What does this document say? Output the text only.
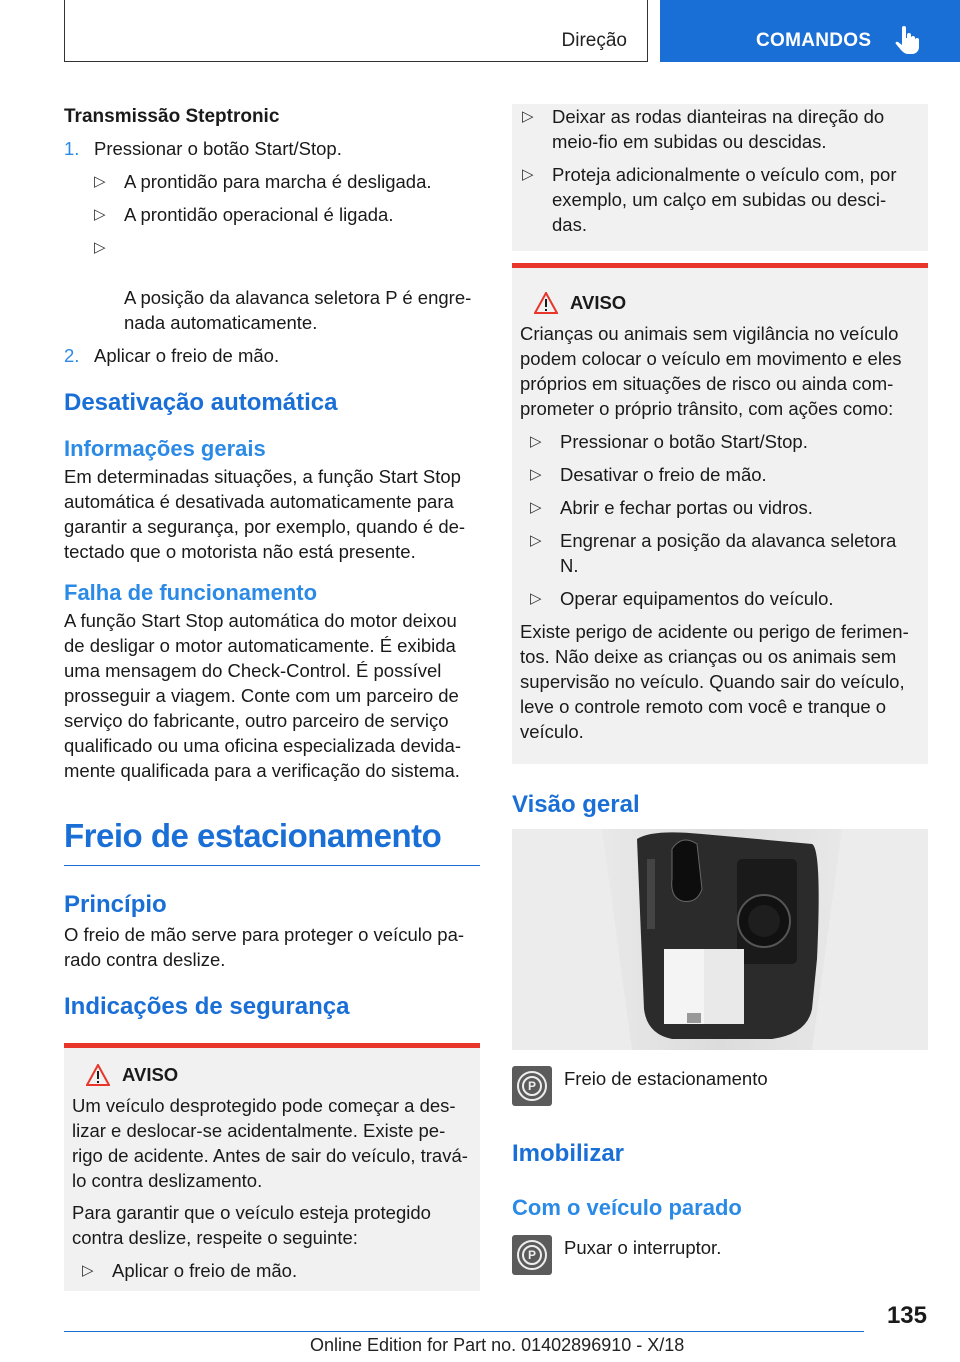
Direção	COMANDOS

Transmissão Steptronic

1. Pressionar o botão Start/Stop.
▷ A prontidão para marcha é desligada.
▷ A prontidão operacional é ligada.

▷

A posição da alavanca seletora P é engre-
nada automaticamente.

2. Aplicar o freio de mão.

Desativação automática

Informações gerais

Em determinadas situações, a função Start Stop automática é desativada automaticamente para garantir a segurança, por exemplo, quando é de-tectado que o motorista não está presente.

Falha de funcionamento

A função Start Stop automática do motor deixou de desligar o motor automaticamente. É exibida uma mensagem do Check-Control. É possível prosseguir a viagem. Conte com um parceiro de serviço do fabricante, outro parceiro de serviço qualificado ou uma oficina especializada devida-mente qualificada para a verificação do sistema.

Freio de estacionamento

Princípio

O freio de mão serve para proteger o veículo pa-rado contra deslize.

Indicações de segurança

AVISO

Um veículo desprotegido pode começar a des-lizar e deslocar-se acidentalmente. Existe pe-rigo de acidente. Antes de sair do veículo, travá-lo contra deslizamento.

Para garantir que o veículo esteja protegido contra deslize, respeite o seguinte:

▷ Aplicar o freio de mão.
▷ Deixar as rodas dianteiras na direção do meio-fio em subidas ou descidas.
▷ Proteja adicionalmente o veículo com, por exemplo, um calço em subidas ou desci-das.
AVISO

Crianças ou animais sem vigilância no veículo podem colocar o veículo em movimento e eles próprios em situações de risco ou ainda com-prometer o próprio trânsito, com ações como:

▷ Pressionar o botão Start/Stop.
▷ Desativar o freio de mão.
▷ Abrir e fechar portas ou vidros.
▷ Engrenar a posição da alavanca seletora N.
▷ Operar equipamentos do veículo.

Existe perigo de acidente ou perigo de ferimen-tos. Não deixe as crianças ou os animais sem supervisão no veículo. Quando sair do veículo, leve o controle remoto com você e tranque o veículo.

Visão geral

P	Freio de estacionamento

Imobilizar

Com o veículo parado

P	Puxar o interruptor.

135
Online Edition for Part no. 01402896910 - X/18
